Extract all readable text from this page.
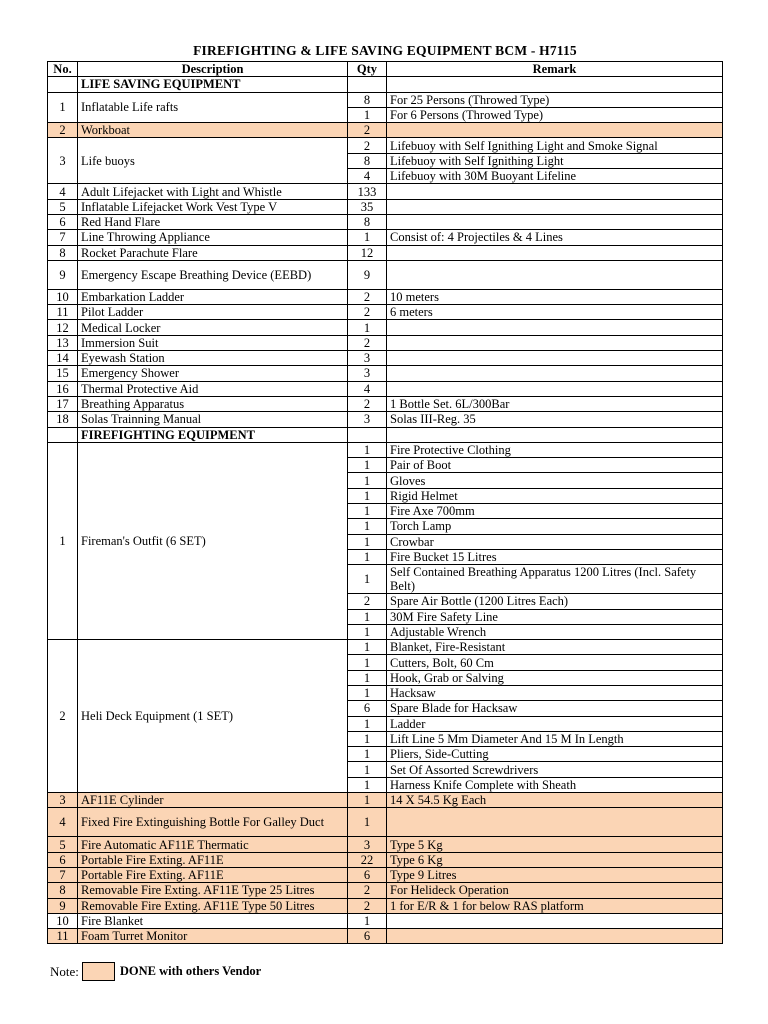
FIREFIGHTING & LIFE SAVING EQUIPMENT BCM - H7115
No.	Description	Qty	Remark
	LIFE SAVING EQUIPMENT		
1	Inflatable Life rafts	8	For 25 Persons (Throwed Type)
		1	For 6 Persons (Throwed Type)
2	Workboat	2	
3	Life buoys	2	Lifebuoy with Self Ignithing Light and Smoke Signal
		8	Lifebuoy with Self Ignithing Light
		4	Lifebuoy with 30M Buoyant Lifeline
4	Adult Lifejacket with Light and Whistle	133	
5	Inflatable Lifejacket Work Vest Type V	35	
6	Red Hand Flare	8	
7	Line Throwing Appliance	1	Consist of: 4 Projectiles & 4 Lines
8	Rocket Parachute Flare	12	
9	Emergency Escape Breathing Device (EEBD)	9	
10	Embarkation Ladder	2	10 meters
11	Pilot Ladder	2	6 meters
12	Medical Locker	1	
13	Immersion Suit	2	
14	Eyewash Station	3	
15	Emergency Shower	3	
16	Thermal Protective Aid	4	
17	Breathing Apparatus	2	1 Bottle Set. 6L/300Bar
18	Solas Trainning Manual	3	Solas III-Reg. 35
	FIREFIGHTING EQUIPMENT		
1	Fireman's Outfit (6 SET)	1	Fire Protective Clothing
		1	Pair of Boot
		1	Gloves
		1	Rigid Helmet
		1	Fire Axe 700mm
		1	Torch Lamp
		1	Crowbar
		1	Fire Bucket 15 Litres
		1	Self Contained Breathing Apparatus 1200 Litres (Incl. Safety Belt)
		2	Spare Air Bottle (1200 Litres Each)
		1	30M Fire Safety Line
		1	Adjustable Wrench
2	Heli Deck Equipment (1 SET)	1	Blanket, Fire-Resistant
		1	Cutters, Bolt, 60 Cm
		1	Hook, Grab or Salving
		1	Hacksaw
		6	Spare Blade for Hacksaw
		1	Ladder
		1	Lift Line 5 Mm Diameter And 15 M In Length
		1	Pliers, Side-Cutting
		1	Set Of Assorted Screwdrivers
		1	Harness Knife Complete with Sheath
3	AF11E Cylinder	1	14 X 54.5 Kg Each
4	Fixed Fire Extinguishing Bottle For Galley Duct	1	
5	Fire Automatic AF11E Thermatic	3	Type 5 Kg
6	Portable Fire Exting. AF11E	22	Type 6 Kg
7	Portable Fire Exting. AF11E	6	Type 9 Litres
8	Removable Fire Exting. AF11E Type 25 Litres	2	For Helideck Operation
9	Removable Fire Exting. AF11E Type 50 Litres	2	1 for E/R & 1 for below RAS platform
10	Fire Blanket	1	
11	Foam Turret Monitor	6	
Note:	DONE with others Vendor
